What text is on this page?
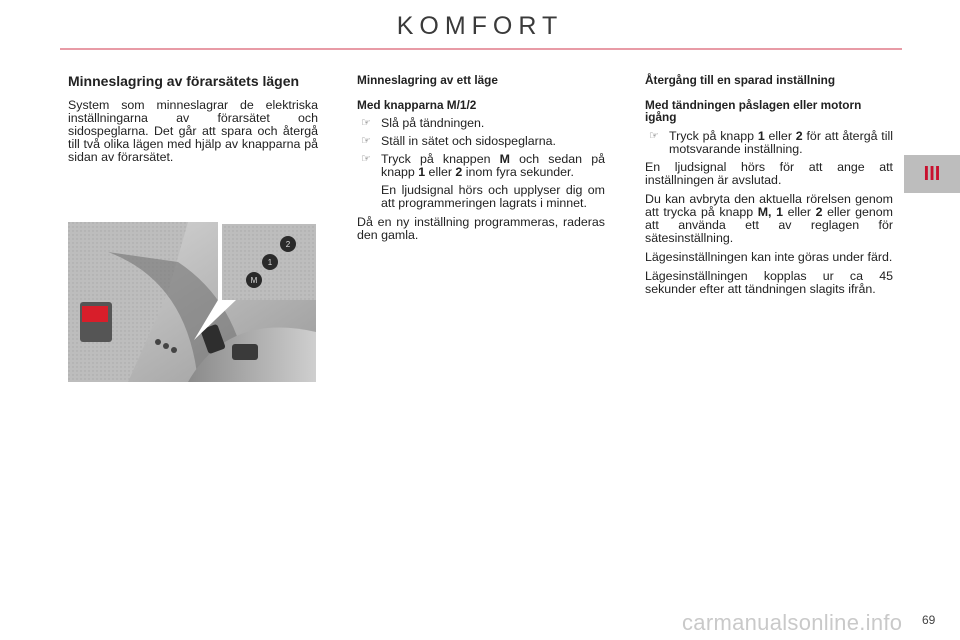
KOMFORT
III
Minneslagring av förarsätets lägen

System som minneslagrar de elektriska inställningarna av förarsätet och sidospeglarna. Det går att spara och återgå till två olika lägen med hjälp av knapparna på sidan av förarsätet.

M
1
2
Minneslagring av ett läge
Med knapparna M/1/2
☞ Slå på tändningen.
☞ Ställ in sätet och sidospeglarna.
☞ Tryck på knappen M och sedan på knapp 1 eller 2 inom fyra sekunder.

En ljudsignal hörs och upplyser dig om att programmeringen lagrats i minnet.

Då en ny inställning programmeras, raderas den gamla.

Återgång till en sparad inställning
Med tändningen påslagen eller motorn igång
☞ Tryck på knapp 1 eller 2 för att återgå till motsvarande inställning.

En ljudsignal hörs för att ange att inställningen är avslutad.

Du kan avbryta den aktuella rörelsen genom att trycka på knapp M, 1 eller 2 eller genom att använda ett av reglagen för sätesinställning.

Lägesinställningen kan inte göras under färd.

Lägesinställningen kopplas ur ca 45 sekunder efter att tändningen slagits ifrån.

carmanualsonline.info 69
